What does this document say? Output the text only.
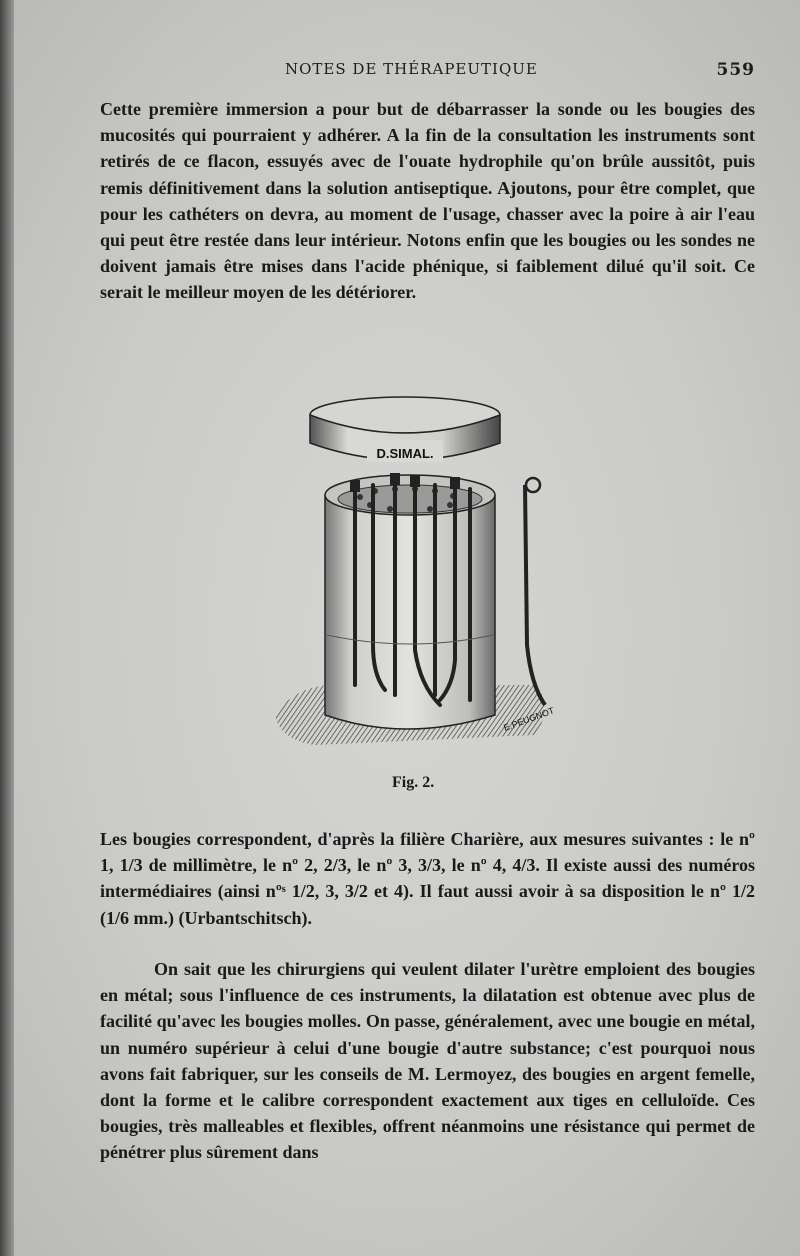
NOTES DE THÉRAPEUTIQUE	559

Cette première immersion a pour but de débarrasser la sonde ou les bougies des mucosités qui pourraient y adhérer. A la fin de la consultation les instruments sont retirés de ce flacon, essuyés avec de l'ouate hydrophile qu'on brûle aussitôt, puis remis définitivement dans la solution antiseptique. Ajoutons, pour être complet, que pour les cathéters on devra, au moment de l'usage, chasser avec la poire à air l'eau qui peut être restée dans leur intérieur. Notons enfin que les bougies ou les sondes ne doivent jamais être mises dans l'acide phénique, si faiblement dilué qu'il soit. Ce serait le meilleur moyen de les détériorer.

D.SIMAL.
E.PEUGNOT
Fig. 2.

Les bougies correspondent, d'après la filière Charière, aux mesures suivantes : le nº 1, 1/3 de millimètre, le nº 2, 2/3, le nº 3, 3/3, le nº 4, 4/3. Il existe aussi des numéros intermédiaires (ainsi nºˢ 1/2, 3, 3/2 et 4). Il faut aussi avoir à sa disposition le nº 1/2 (1/6 mm.) (Urbantschitsch).

On sait que les chirurgiens qui veulent dilater l'urètre emploient des bougies en métal; sous l'influence de ces instruments, la dilatation est obtenue avec plus de facilité qu'avec les bougies molles. On passe, généralement, avec une bougie en métal, un numéro supérieur à celui d'une bougie d'autre substance; c'est pourquoi nous avons fait fabriquer, sur les conseils de M. Lermoyez, des bougies en argent femelle, dont la forme et le calibre correspondent exactement aux tiges en celluloïde. Ces bougies, très malleables et flexibles, offrent néanmoins une résistance qui permet de pénétrer plus sûrement dans
